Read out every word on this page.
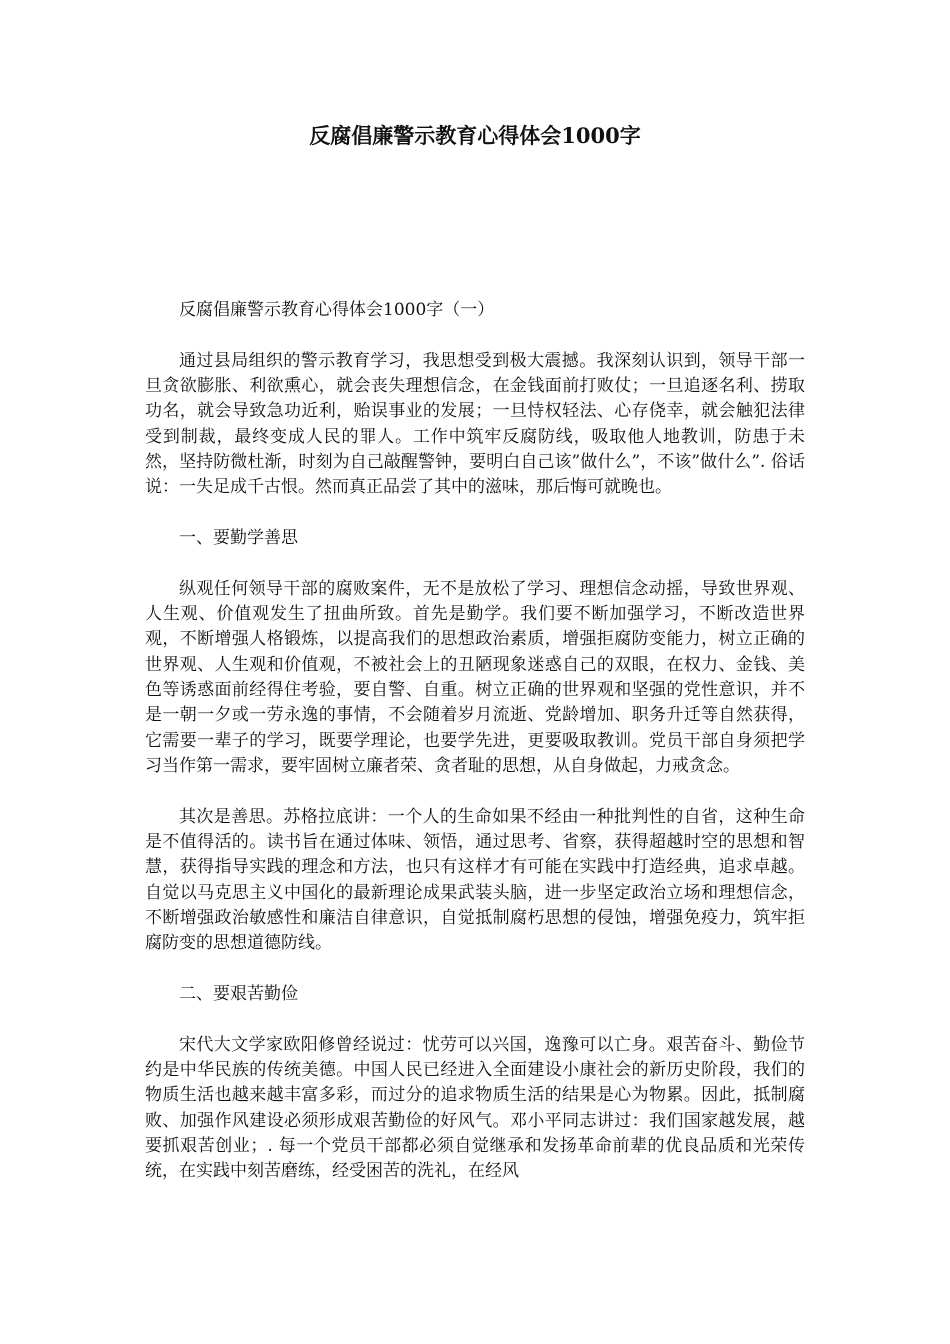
反腐倡廉警示教育心得体会1000字

反腐倡廉警示教育心得体会1000字（一）

通过县局组织的警示教育学习，我思想受到极大震撼。我深刻认识到，领导干部一旦贪欲膨胀、利欲熏心，就会丧失理想信念，在金钱面前打败仗；一旦追逐名利、捞取功名，就会导致急功近利，贻误事业的发展；一旦恃权轻法、心存侥幸，就会触犯法律受到制裁，最终变成人民的罪人。工作中筑牢反腐防线，吸取他人地教训，防患于未然，坚持防微杜渐，时刻为自己敲醒警钟，要明白自己该”做什么”，不该”做什么”. 俗话说：一失足成千古恨。然而真正品尝了其中的滋味，那后悔可就晚也。

一、要勤学善思

纵观任何领导干部的腐败案件，无不是放松了学习、理想信念动摇，导致世界观、人生观、价值观发生了扭曲所致。首先是勤学。我们要不断加强学习，不断改造世界观，不断增强人格锻炼，以提高我们的思想政治素质，增强拒腐防变能力，树立正确的世界观、人生观和价值观，不被社会上的丑陋现象迷惑自己的双眼，在权力、金钱、美色等诱惑面前经得住考验，要自警、自重。树立正确的世界观和坚强的党性意识，并不是一朝一夕或一劳永逸的事情，不会随着岁月流逝、党龄增加、职务升迁等自然获得，它需要一辈子的学习，既要学理论，也要学先进，更要吸取教训。党员干部自身须把学习当作第一需求，要牢固树立廉者荣、贪者耻的思想，从自身做起，力戒贪念。

其次是善思。苏格拉底讲：一个人的生命如果不经由一种批判性的自省，这种生命是不值得活的。读书旨在通过体味、领悟，通过思考、省察，获得超越时空的思想和智慧，获得指导实践的理念和方法，也只有这样才有可能在实践中打造经典，追求卓越。自觉以马克思主义中国化的最新理论成果武装头脑，进一步坚定政治立场和理想信念，不断增强政治敏感性和廉洁自律意识，自觉抵制腐朽思想的侵蚀，增强免疫力，筑牢拒腐防变的思想道德防线。

二、要艰苦勤俭

宋代大文学家欧阳修曾经说过：忧劳可以兴国，逸豫可以亡身。艰苦奋斗、勤俭节约是中华民族的传统美德。中国人民已经进入全面建设小康社会的新历史阶段，我们的物质生活也越来越丰富多彩，而过分的追求物质生活的结果是心为物累。因此，抵制腐败、加强作风建设必须形成艰苦勤俭的好风气。邓小平同志讲过：我们国家越发展，越要抓艰苦创业；. 每一个党员干部都必须自觉继承和发扬革命前辈的优良品质和光荣传统，在实践中刻苦磨练，经受困苦的洗礼，在经风
